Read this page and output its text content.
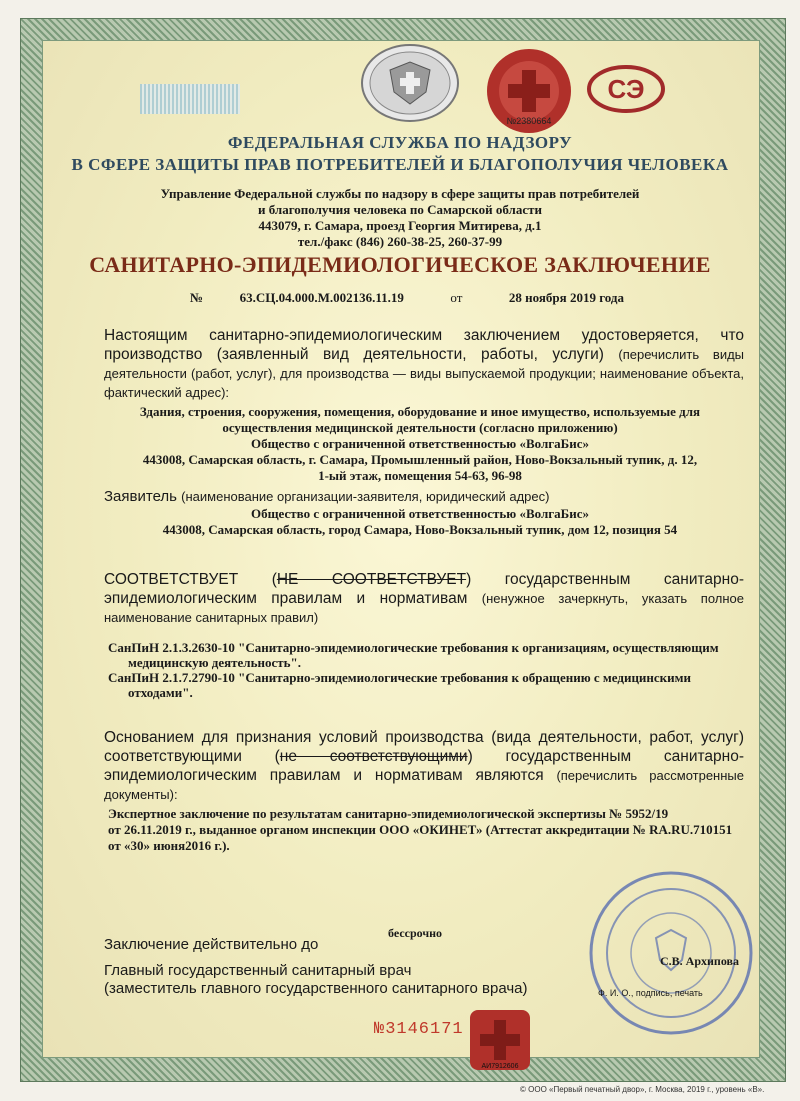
№2380664
СЭ
ФЕДЕРАЛЬНАЯ СЛУЖБА ПО НАДЗОРУ
В СФЕРЕ ЗАЩИТЫ ПРАВ ПОТРЕБИТЕЛЕЙ И БЛАГОПОЛУЧИЯ ЧЕЛОВЕКА
Управление Федеральной службы по надзору в сфере защиты прав потребителей
и благополучия человека по Самарской области
443079, г. Самара, проезд Георгия Митирева, д.1
тел./факс (846) 260-38-25, 260-37-99
САНИТАРНО-ЭПИДЕМИОЛОГИЧЕСКОЕ ЗАКЛЮЧЕНИЕ
№	63.СЦ.04.000.М.002136.11.19	от	28 ноября 2019 года
Настоящим санитарно-эпидемиологическим заключением удостоверяется, что производство (заявленный вид деятельности, работы, услуги) (перечислить виды деятельности (работ, услуг), для производства — виды выпускаемой продукции; наименование объекта, фактический адрес):
Здания, строения, сооружения, помещения, оборудование и иное имущество, используемые для
осуществления медицинской деятельности (согласно приложению)
Общество с ограниченной ответственностью «ВолгаБис»
443008, Самарская область, г. Самара, Промышленный район, Ново-Вокзальный тупик, д. 12,
1-ый этаж, помещения 54-63, 96-98
Заявитель (наименование организации-заявителя, юридический адрес)
Общество с ограниченной ответственностью «ВолгаБис»
443008, Самарская область, город Самара, Ново-Вокзальный тупик, дом 12, позиция 54
СООТВЕТСТВУЕТ (НЕ СООТВЕТСТВУЕТ) государственным санитарно-эпидемиологическим правилам и нормативам (ненужное зачеркнуть, указать полное наименование санитарных правил)
СанПиН 2.1.3.2630-10 "Санитарно-эпидемиологические требования к организациям, осуществляющим
медицинскую деятельность".
СанПиН 2.1.7.2790-10 "Санитарно-эпидемиологические требования к обращению с медицинскими
отходами".
Основанием для признания условий производства (вида деятельности, работ, услуг) соответствующими (не соответствующими) государственным санитарно-эпидемиологическим правилам и нормативам являются (перечислить рассмотренные документы):
Экспертное заключение по результатам санитарно-эпидемиологической экспертизы № 5952/19
от 26.11.2019 г., выданное органом инспекции ООО «ОКИНЕТ» (Аттестат аккредитации № RA.RU.710151
от «30» июня2016 г.).
Заключение действительно до
бессрочно
Главный государственный санитарный врач
(заместитель главного государственного санитарного врача)
С.В. Архипова
Ф. И. О., подпись, печать
№3146171
АИ7912606
© ООО «Первый печатный двор», г. Москва, 2019 г., уровень «В».
